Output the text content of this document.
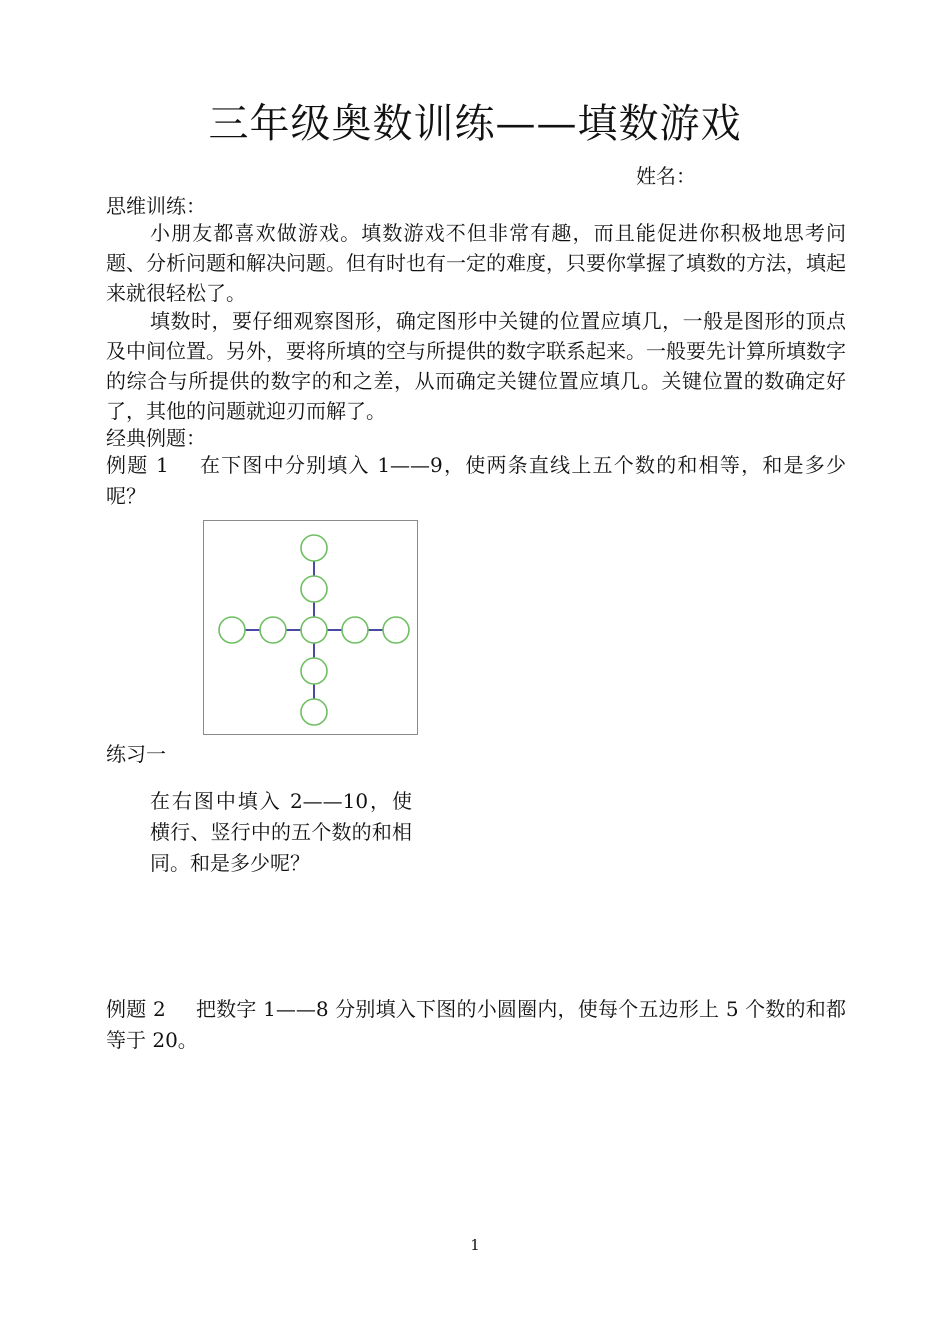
三年级奥数训练——填数游戏
姓名：
思维训练：

小朋友都喜欢做游戏。填数游戏不但非常有趣，而且能促进你积极地思考问题、分析问题和解决问题。但有时也有一定的难度，只要你掌握了填数的方法，填起来就很轻松了。

填数时，要仔细观察图形，确定图形中关键的位置应填几，一般是图形的顶点及中间位置。另外，要将所填的空与所提供的数字联系起来。一般要先计算所填数字的综合与所提供的数字的和之差，从而确定关键位置应填几。关键位置的数确定好了，其他的问题就迎刃而解了。

经典例题：
例题 1 在下图中分别填入 1——9，使两条直线上五个数的和相等，和是多少呢？
练习一
在右图中填入 2——10，使横行、竖行中的五个数的和相同。和是多少呢？
例题 2 把数字 1——8 分别填入下图的小圆圈内，使每个五边形上 5 个数的和都等于 20。
1
